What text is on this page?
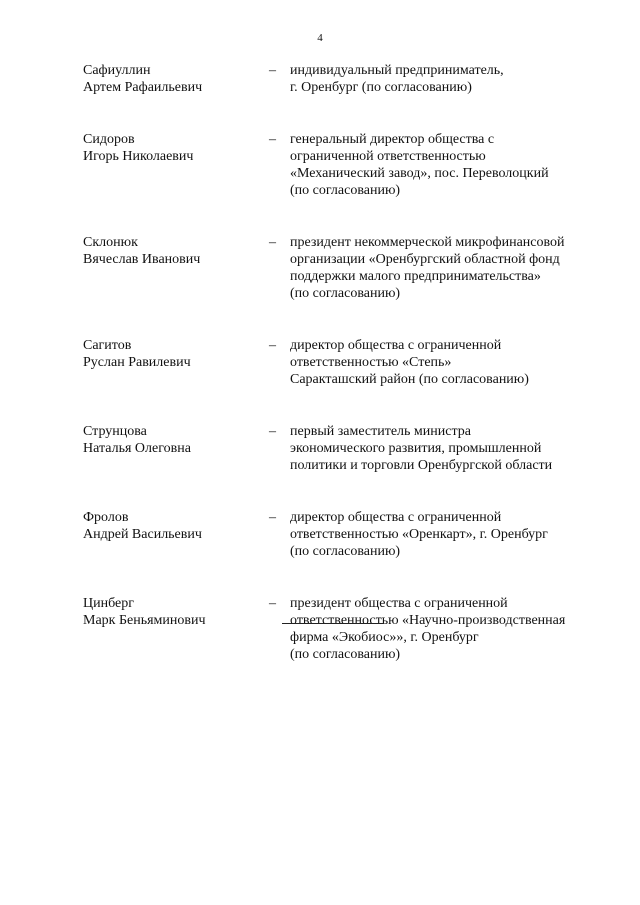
4
Сафиуллин
Артем Рафаильевич
– индивидуальный предприниматель,
г. Оренбург (по согласованию)
Сидоров
Игорь Николаевич
– генеральный директор общества с
ограниченной ответственностью
«Механический завод», пос. Переволоцкий
(по согласованию)
Склонюк
Вячеслав Иванович
– президент некоммерческой микрофинансовой
организации «Оренбургский областной фонд
поддержки малого предпринимательства»
(по согласованию)
Сагитов
Руслан Равилевич
– директор общества с ограниченной
ответственностью «Степь»
Саракташский район (по согласованию)
Струнцова
Наталья Олеговна
– первый заместитель министра
экономического развития, промышленной
политики и торговли Оренбургской области
Фролов
Андрей Васильевич
– директор общества с ограниченной
ответственностью «Оренкарт», г. Оренбург
(по согласованию)
Цинберг
Марк Беньяминович
– президент общества с ограниченной
ответственностью «Научно-производственная
фирма «Экобиос»», г. Оренбург
(по согласованию)
